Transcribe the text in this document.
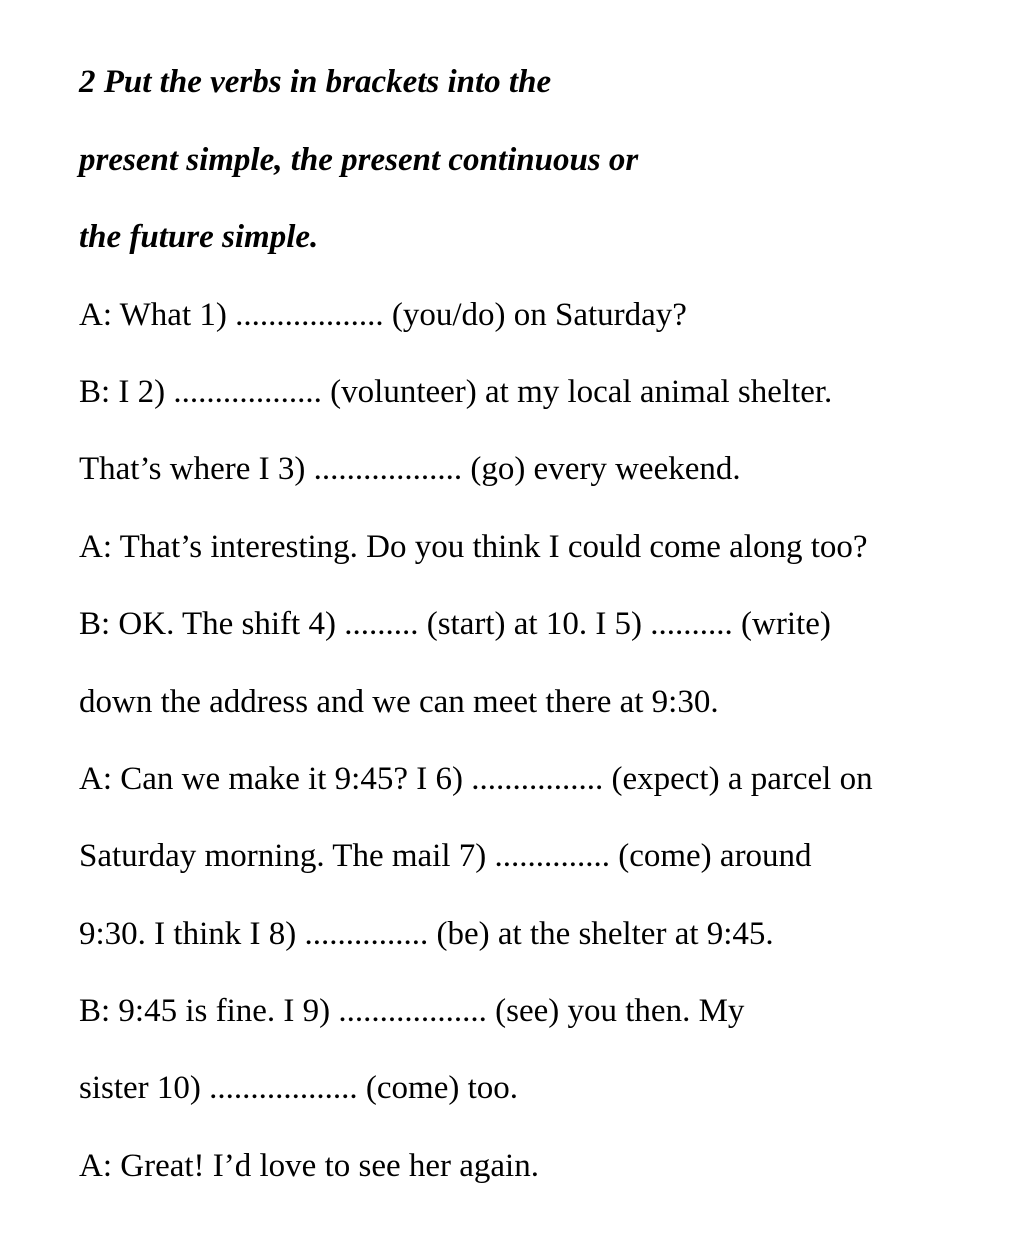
2 Put the verbs in brackets into the

present simple, the present continuous or

the future simple.

A: What 1) .................. (you/do) on Saturday?

B: I 2) .................. (volunteer) at my local animal shelter.

That’s where I 3) .................. (go) every weekend.

A: That’s interesting. Do you think I could come along too?

B: OK. The shift 4) ......... (start) at 10. I 5) .......... (write)

down the address and we can meet there at 9:30.

A: Can we make it 9:45? I 6) ................ (expect) a parcel on

Saturday morning. The mail 7) .............. (come) around

9:30. I think I 8) ............... (be) at the shelter at 9:45.

B: 9:45 is fine. I 9) .................. (see) you then. My

sister 10) .................. (come) too.

A: Great! I’d love to see her again.
